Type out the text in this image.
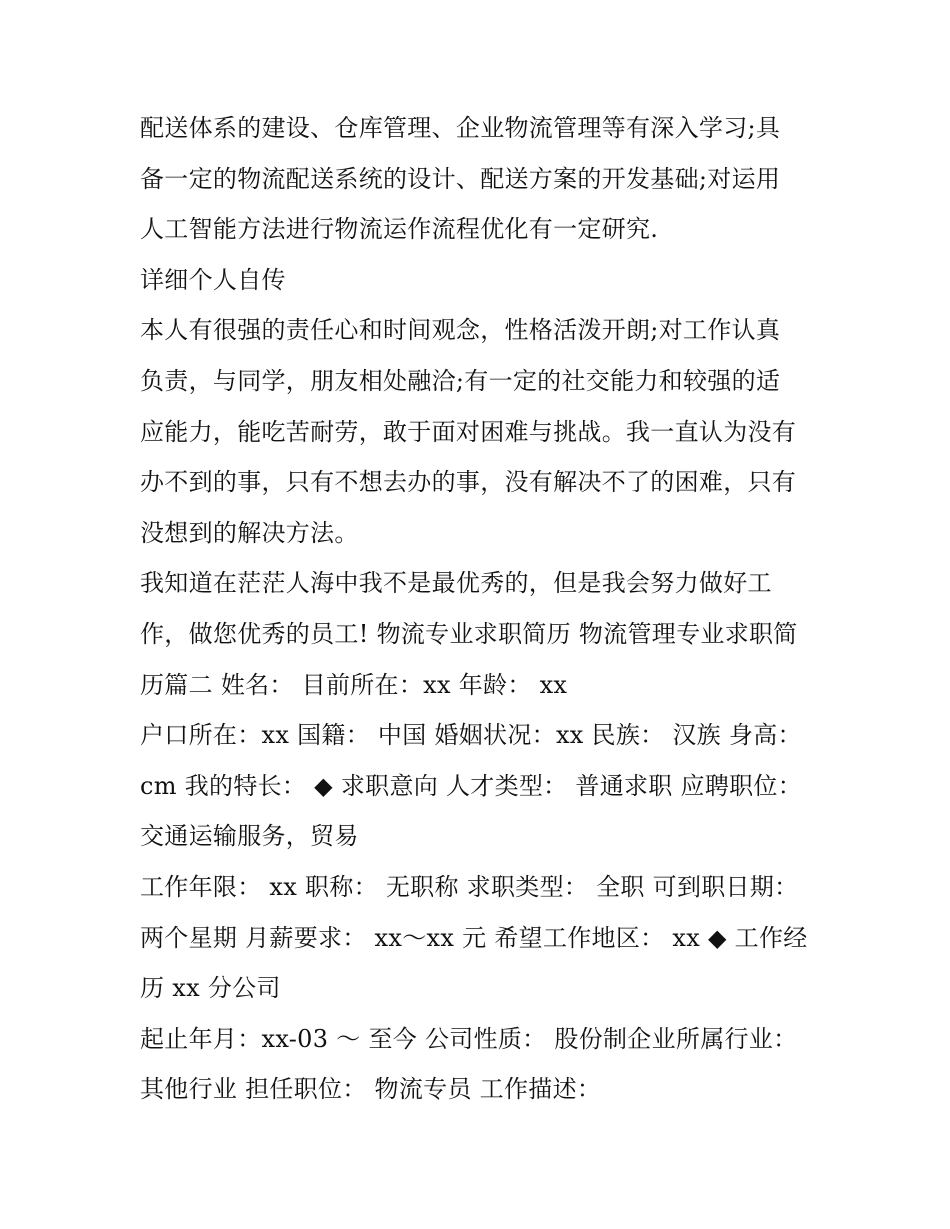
配送体系的建设、仓库管理、企业物流管理等有深入学习;具
备一定的物流配送系统的设计、配送方案的开发基础;对运用
人工智能方法进行物流运作流程优化有一定研究.
详细个人自传
本人有很强的责任心和时间观念，性格活泼开朗;对工作认真
负责，与同学，朋友相处融洽;有一定的社交能力和较强的适
应能力，能吃苦耐劳，敢于面对困难与挑战。我一直认为没有
办不到的事，只有不想去办的事，没有解决不了的困难，只有
没想到的解决方法。
我知道在茫茫人海中我不是最优秀的，但是我会努力做好工
作，做您优秀的员工! 物流专业求职简历 物流管理专业求职简
历篇二 姓名： 目前所在：xx 年龄： xx
户口所在：xx 国籍： 中国 婚姻状况：xx 民族： 汉族 身高：
cm 我的特长： ◆ 求职意向 人才类型： 普通求职 应聘职位：
交通运输服务，贸易
工作年限： xx 职称： 无职称 求职类型： 全职 可到职日期：
两个星期 月薪要求： xx～xx 元 希望工作地区： xx ◆ 工作经
历 xx 分公司
起止年月：xx-03 ～ 至今 公司性质： 股份制企业所属行业：
其他行业 担任职位： 物流专员 工作描述：
